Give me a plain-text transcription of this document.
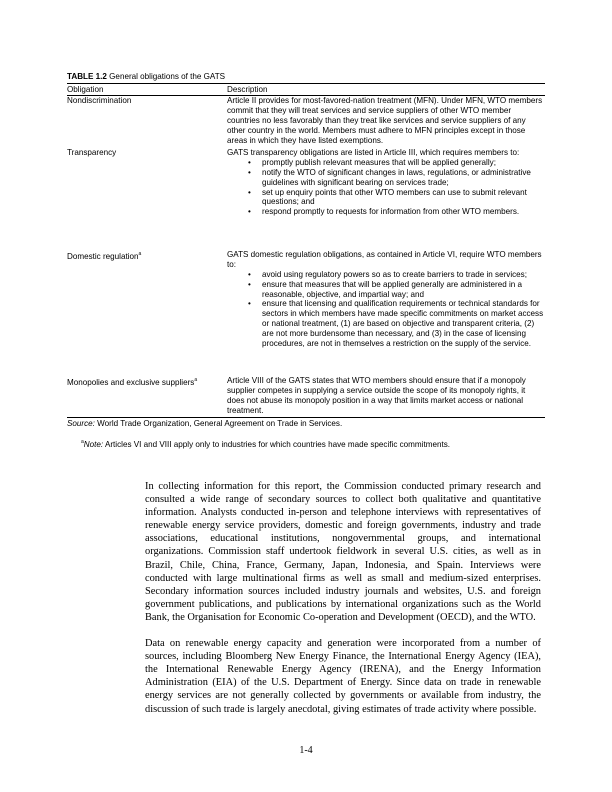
TABLE 1.2 General obligations of the GATS
Obligation	Description
Nondiscrimination	Article II provides for most-favored-nation treatment (MFN). Under MFN, WTO members commit that they will treat services and service suppliers of other WTO member countries no less favorably than they treat like services and service suppliers of any other country in the world. Members must adhere to MFN principles except in those areas in which they have listed exemptions.

Transparency	GATS transparency obligations are listed in Article III, which requires members to:

• promptly publish relevant measures that will be applied generally;
• notify the WTO of significant changes in laws, regulations, or administrative guidelines with significant bearing on services trade;
• set up enquiry points that other WTO members can use to submit relevant questions; and
• respond promptly to requests for information from other WTO members.
Domestic regulation$^a$	GATS domestic regulation obligations, as contained in Article VI, require WTO members to:

• avoid using regulatory powers so as to create barriers to trade in services;
• ensure that measures that will be applied generally are administered in a reasonable, objective, and impartial way; and
• ensure that licensing and qualification requirements or technical standards for sectors in which members have made specific commitments on market access or national treatment, (1) are based on objective and transparent criteria, (2) are not more burdensome than necessary, and (3) in the case of licensing procedures, are not in themselves a restriction on the supply of the service.
Monopolies and exclusive suppliers$^a$	Article VIII of the GATS states that WTO members should ensure that if a monopoly supplier competes in supplying a service outside the scope of its monopoly rights, it does not abuse its monopoly position in a way that limits market access or national treatment.

Source: World Trade Organization, General Agreement on Trade in Services.
$^a$Note: Articles VI and VIII apply only to industries for which countries have made specific commitments.

In collecting information for this report, the Commission conducted primary research and consulted a wide range of secondary sources to collect both qualitative and quantitative information. Analysts conducted in-person and telephone interviews with representatives of renewable energy service providers, domestic and foreign governments, industry and trade associations, educational institutions, nongovernmental groups, and international organizations. Commission staff undertook fieldwork in several U.S. cities, as well as in Brazil, Chile, China, France, Germany, Japan, Indonesia, and Spain. Interviews were conducted with large multinational firms as well as small and medium-sized enterprises. Secondary information sources included industry journals and websites, U.S. and foreign government publications, and publications by international organizations such as the World Bank, the Organisation for Economic Co-operation and Development (OECD), and the WTO.

Data on renewable energy capacity and generation were incorporated from a number of sources, including Bloomberg New Energy Finance, the International Energy Agency (IEA), the International Renewable Energy Agency (IRENA), and the Energy Information Administration (EIA) of the U.S. Department of Energy. Since data on trade in renewable energy services are not generally collected by governments or available from industry, the discussion of such trade is largely anecdotal, giving estimates of trade activity where possible.

1-4
